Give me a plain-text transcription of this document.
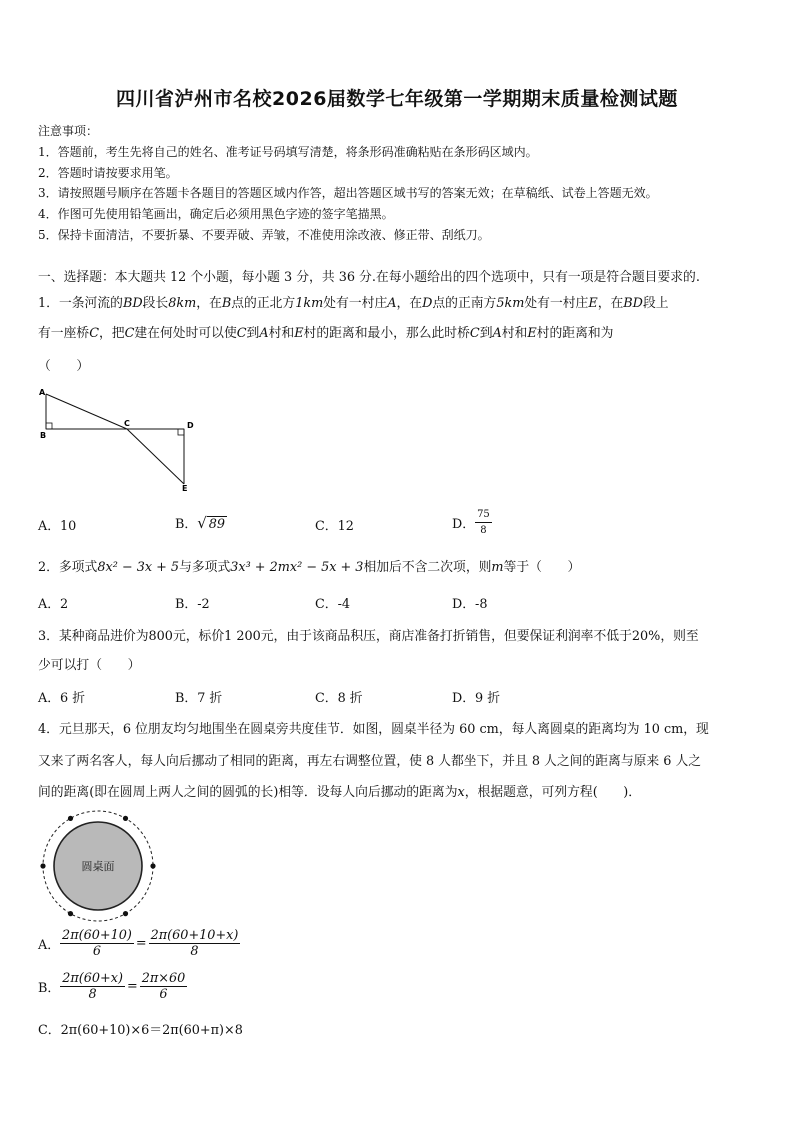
四川省泸州市名校2026届数学七年级第一学期期末质量检测试题
注意事项：
1．答题前，考生先将自己的姓名、准考证号码填写清楚，将条形码准确粘贴在条形码区域内。
2．答题时请按要求用笔。
3．请按照题号顺序在答题卡各题目的答题区域内作答，超出答题区域书写的答案无效；在草稿纸、试卷上答题无效。
4．作图可先使用铅笔画出，确定后必须用黑色字迹的签字笔描黑。
5．保持卡面清洁，不要折暴、不要弄破、弄皱，不准使用涂改液、修正带、刮纸刀。
一、选择题：本大题共 12 个小题，每小题 3 分，共 36 分.在每小题给出的四个选项中，只有一项是符合题目要求的.
1．一条河流的BD段长8km，在B点的正北方1km处有一村庄A，在D点的正南方5km处有一村庄E，在BD段上
有一座桥C，把C建在何处时可以使C到A村和E村的距离和最小，那么此时桥C到A村和E村的距离和为
（　　）
A
B
C	D
E
A．10	B．√ 89	C．12	D． $\frac{75}{8}$
2．多项式8x² − 3x + 5与多项式3x³ + 2mx² − 5x + 3相加后不含二次项，则m等于（　　）
A．2	B．-2	C．-4	D．-8
3．某种商品进价为800元，标价1 200元，由于该商品积压，商店准备打折销售，但要保证利润率不低于20%，则至
少可以打（　　）
A．6 折	B．7 折	C．8 折	D．9 折
4．元旦那天，6 位朋友均匀地围坐在圆桌旁共度佳节．如图，圆桌半径为 60 cm，每人离圆桌的距离均为 10 cm，现
又来了两名客人，每人向后挪动了相同的距离，再左右调整位置，使 8 人都坐下，并且 8 人之间的距离与原来 6 人之
间的距离(即在圆周上两人之间的圆弧的长)相等．设每人向后挪动的距离为x，根据题意，可列方程(　　)．
圆桌面
A． $\frac{2\pi(60+10)}{6} = \frac{2\pi(60+10+x)}{8}$
B． $\frac{2\pi(60+x)}{8} = \frac{2\pi\times 60}{6}$
C．2π(60+10)×6＝2π(60+π)×8
